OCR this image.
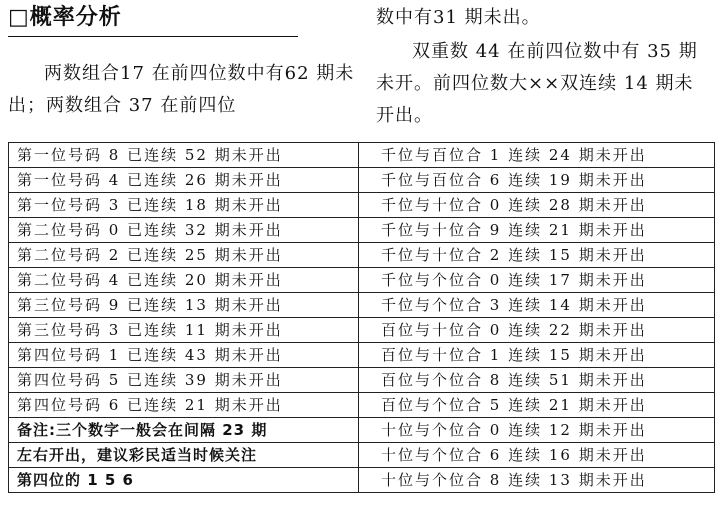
□概率分析

两数组合17 在前四位数中有62 期未出；两数组合 37 在前四位

数中有31 期未出。

双重数 44 在前四位数中有 35 期未开。前四位数大××双连续 14 期未开出。

第一位号码 8 已连续 52 期未开出	千位与百位合 1 连续 24 期未开出
第一位号码 4 已连续 26 期未开出	千位与百位合 6 连续 19 期未开出
第一位号码 3 已连续 18 期未开出	千位与十位合 0 连续 28 期未开出
第二位号码 0 已连续 32 期未开出	千位与十位合 9 连续 21 期未开出
第二位号码 2 已连续 25 期未开出	千位与十位合 2 连续 15 期未开出
第二位号码 4 已连续 20 期未开出	千位与个位合 0 连续 17 期未开出
第三位号码 9 已连续 13 期未开出	千位与个位合 3 连续 14 期未开出
第三位号码 3 已连续 11 期未开出	百位与十位合 0 连续 22 期未开出
第四位号码 1 已连续 43 期未开出	百位与十位合 1 连续 15 期未开出
第四位号码 5 已连续 39 期未开出	百位与个位合 8 连续 51 期未开出
第四位号码 6 已连续 21 期未开出	百位与个位合 5 连续 21 期未开出
备注:三个数字一般会在间隔 23 期	十位与个位合 0 连续 12 期未开出
左右开出，建议彩民适当时候关注	十位与个位合 6 连续 16 期未开出
第四位的 1 5 6	十位与个位合 8 连续 13 期未开出
